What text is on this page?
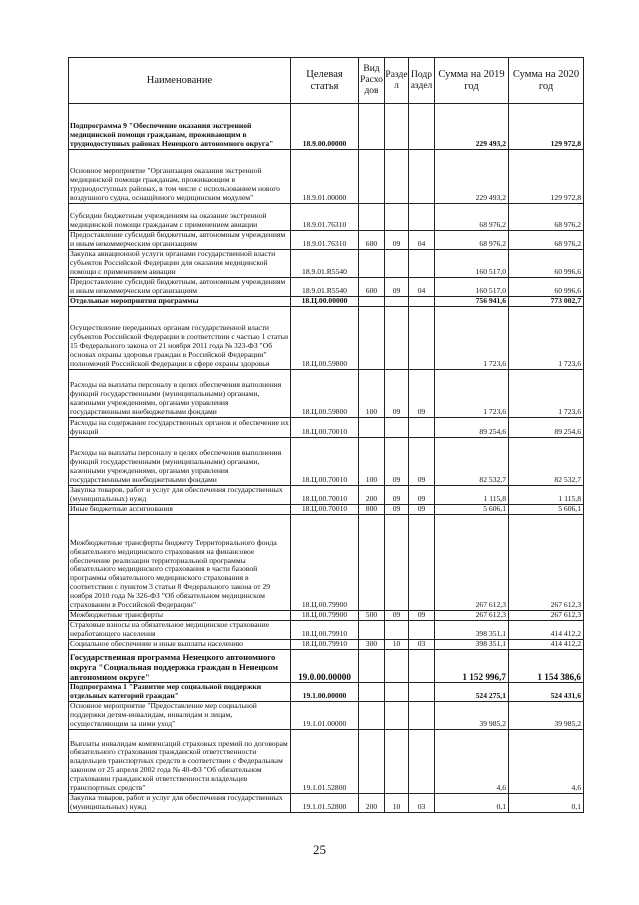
Наименование	Целевая статья	Вид Расхо дов	Разде л	Подр аздел	Сумма на 2019 год	Сумма на 2020 год
Подпрограмма 9 "Обеспечение оказания экстренной медицинской помощи гражданам, проживающим в труднодоступных районах Ненецкого автономного округа"	18.9.00.00000				229 493,2	129 972,8
Основное мероприятие "Организация оказания экстренной медицинской помощи гражданам, проживающим в труднодоступных районах, в том числе с использованием нового воздушного судна, оснащённого медицинским модулем"	18.9.01.00000				229 493,2	129 972,8
Субсидии бюджетным учреждениям на оказание экстренной медицинской помощи гражданам с применением авиации	18.9.01.76310				68 976,2	68 976,2
Предоставление субсидий бюджетным, автономным учреждениям и иным некоммерческим организациям	18.9.01.76310	600	09	04	68 976,2	68 976,2
Закупка авиационной услуги органами государственной власти субъектов Российской Федерации для оказания медицинской помощи с применением авиации	18.9.01.R5540				160 517,0	60 996,6
Предоставление субсидий бюджетным, автономным учреждениям и иным некоммерческим организациям	18.9.01.R5540	600	09	04	160 517,0	60 996,6
Отдельные мероприятия программы	18.Ц.00.00000				756 941,6	773 002,7
Осуществление переданных органам государственной власти субъектов Российской Федерации в соответствии с частью 1 статьи 15 Федерального закона от 21 ноября 2011 года № 323-ФЗ "Об основах охраны здоровья граждан в Российской Федерации" полномочий Российской Федерации в сфере охраны здоровья	18.Ц.00.59800				1 723,6	1 723,6
Расходы на выплаты персоналу в целях обеспечения выполнения функций государственными (муниципальными) органами, казенными учреждениями, органами управления государственными внебюджетными фондами	18.Ц.00.59800	100	09	09	1 723,6	1 723,6
Расходы на содержание государственных органов и обеспечение их функций	18.Ц.00.70010				89 254,6	89 254,6
Расходы на выплаты персоналу в целях обеспечения выполнения функций государственными (муниципальными) органами, казенными учреждениями, органами управления государственными внебюджетными фондами	18.Ц.00.70010	100	09	09	82 532,7	82 532,7
Закупка товаров, работ и услуг для обеспечения государственных (муниципальных) нужд	18.Ц.00.70010	200	09	09	1 115,8	1 115,8
Иные бюджетные ассигнования	18.Ц.00.70010	800	09	09	5 606,1	5 606,1
Межбюджетные трансферты бюджету Территориального фонда обязательного медицинского страхования на финансовое обеспечение реализации территориальной программы обязательного медицинского страхования в части базовой программы обязательного медицинского страхования в соответствии с пунктом 3 статьи 8 Федерального закона от 29 ноября 2010 года № 326-ФЗ "Об обязательном медицинском страховании в Российской Федерации"	18.Ц.00.79900				267 612,3	267 612,3
Межбюджетные трансферты	18.Ц.00.79900	500	09	09	267 612,3	267 612,3
Страховые взносы на обязательное медицинское страхование неработающего населения	18.Ц.00.79910				398 351,1	414 412,2
Социальное обеспечение и иные выплаты населению	18.Ц.00.79910	300	10	03	398 351,1	414 412,2
Государственная программа Ненецкого автономного округа "Социальная поддержка граждан в Ненецком автономном округе"	19.0.00.00000				1 152 996,7	1 154 386,6
Подпрограмма 1 "Развитие мер социальной поддержки отдельных категорий граждан"	19.1.00.00000				524 275,1	524 431,6
Основное мероприятие "Предоставление мер социальной поддержки детям-инвалидам, инвалидам и лицам, осуществляющим за ними уход"	19.1.01.00000				39 985,2	39 985,2
Выплаты инвалидам компенсаций страховых премий по договорам обязательного страхования гражданской ответственности владельцев транспортных средств в соответствии с Федеральным законом от 25 апреля 2002 года № 40-ФЗ "Об обязательном страховании гражданской ответственности владельцев транспортных средств"	19.1.01.52800				4,6	4,6
Закупка товаров, работ и услуг для обеспечения государственных (муниципальных) нужд	19.1.01.52800	200	10	03	0,1	0,1
25
